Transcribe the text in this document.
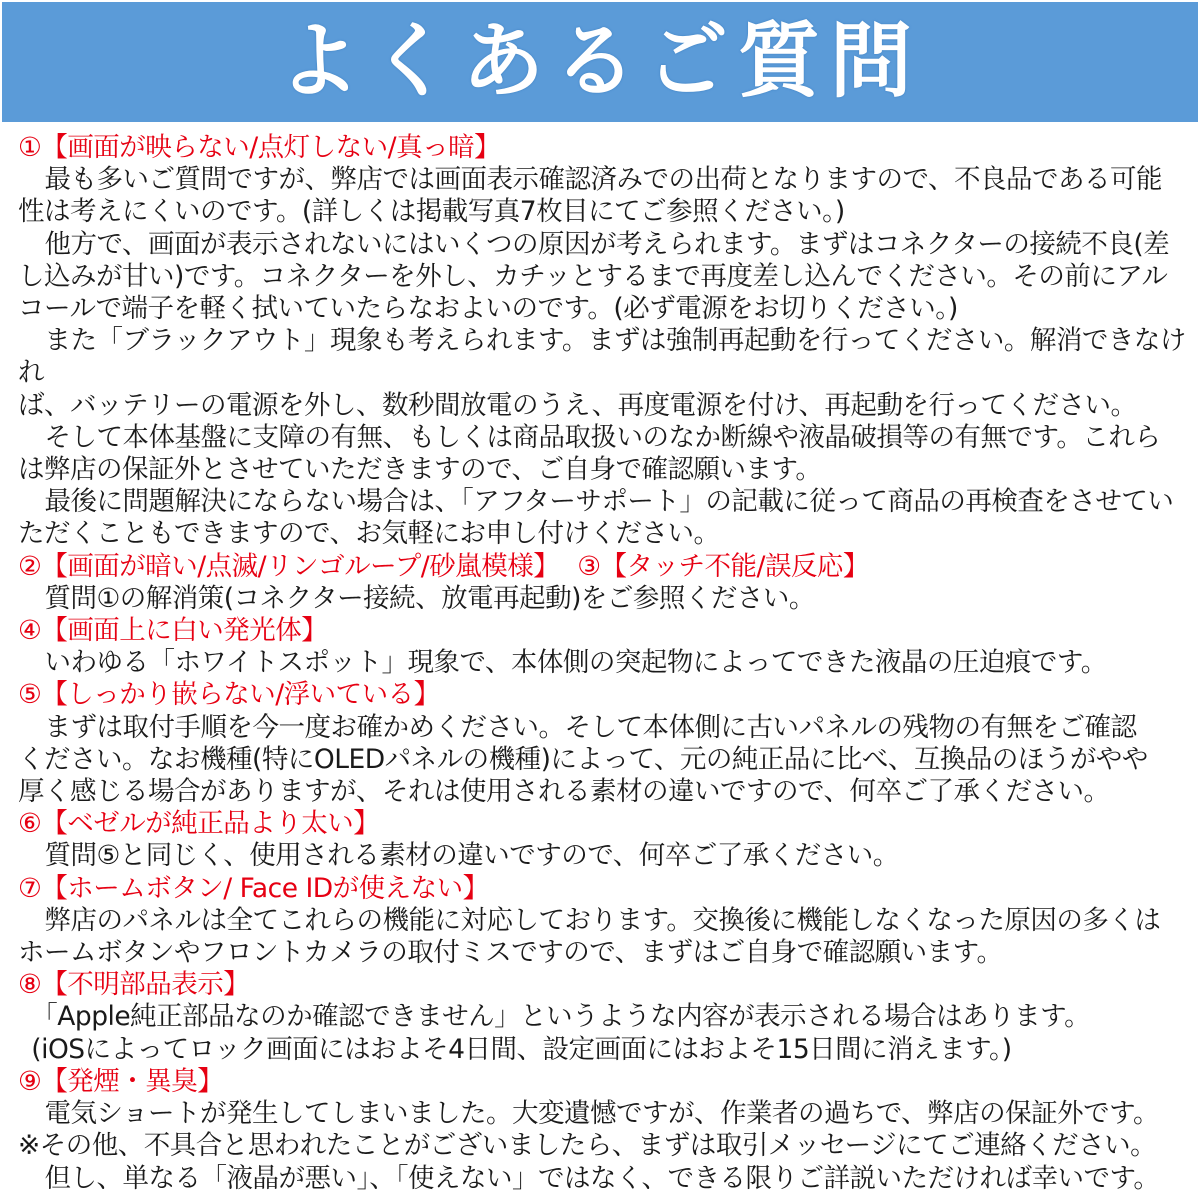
よくあるご質問
①【画面が映らない/点灯しない/真っ暗】
最も多いご質問ですが、弊店では画面表示確認済みでの出荷となりますので、不良品である可能
性は考えにくいのです。(詳しくは掲載写真7枚目にてご参照ください。)
他方で、画面が表示されないにはいくつの原因が考えられます。まずはコネクターの接続不良(差
し込みが甘い)です。コネクターを外し、カチッとするまで再度差し込んでください。その前にアル
コールで端子を軽く拭いていたらなおよいのです。(必ず電源をお切りください。)
また「ブラックアウト」現象も考えられます。まずは強制再起動を行ってください。解消できなけれ
ば、バッテリーの電源を外し、数秒間放電のうえ、再度電源を付け、再起動を行ってください。
そして本体基盤に支障の有無、もしくは商品取扱いのなか断線や液晶破損等の有無です。これら
は弊店の保証外とさせていただきますので、ご自身で確認願います。
最後に問題解決にならない場合は、「アフターサポート」の記載に従って商品の再検査をさせてい
ただくこともできますので、お気軽にお申し付けください。
②【画面が暗い/点滅/リンゴループ/砂嵐模様】 ③【タッチ不能/誤反応】
質問①の解消策(コネクター接続、放電再起動)をご参照ください。
④【画面上に白い発光体】
いわゆる「ホワイトスポット」現象で、本体側の突起物によってできた液晶の圧迫痕です。
⑤【しっかり嵌らない/浮いている】
まずは取付手順を今一度お確かめください。そして本体側に古いパネルの残物の有無をご確認
ください。なお機種(特にOLEDパネルの機種)によって、元の純正品に比べ、互換品のほうがやや
厚く感じる場合がありますが、それは使用される素材の違いですので、何卒ご了承ください。
⑥【ベゼルが純正品より太い】
質問⑤と同じく、使用される素材の違いですので、何卒ご了承ください。
⑦【ホームボタン/ Face IDが使えない】
弊店のパネルは全てこれらの機能に対応しております。交換後に機能しなくなった原因の多くは
ホームボタンやフロントカメラの取付ミスですので、まずはご自身で確認願います。
⑧【不明部品表示】
「Apple純正部品なのか確認できません」というような内容が表示される場合はあります。
(iOSによってロック画面にはおよそ4日間、設定画面にはおよそ15日間に消えます。)
⑨【発煙・異臭】
電気ショートが発生してしまいました。大変遺憾ですが、作業者の過ちで、弊店の保証外です。
※その他、不具合と思われたことがございましたら、まずは取引メッセージにてご連絡ください。
但し、単なる「液晶が悪い」、「使えない」ではなく、できる限りご詳説いただければ幸いです。
